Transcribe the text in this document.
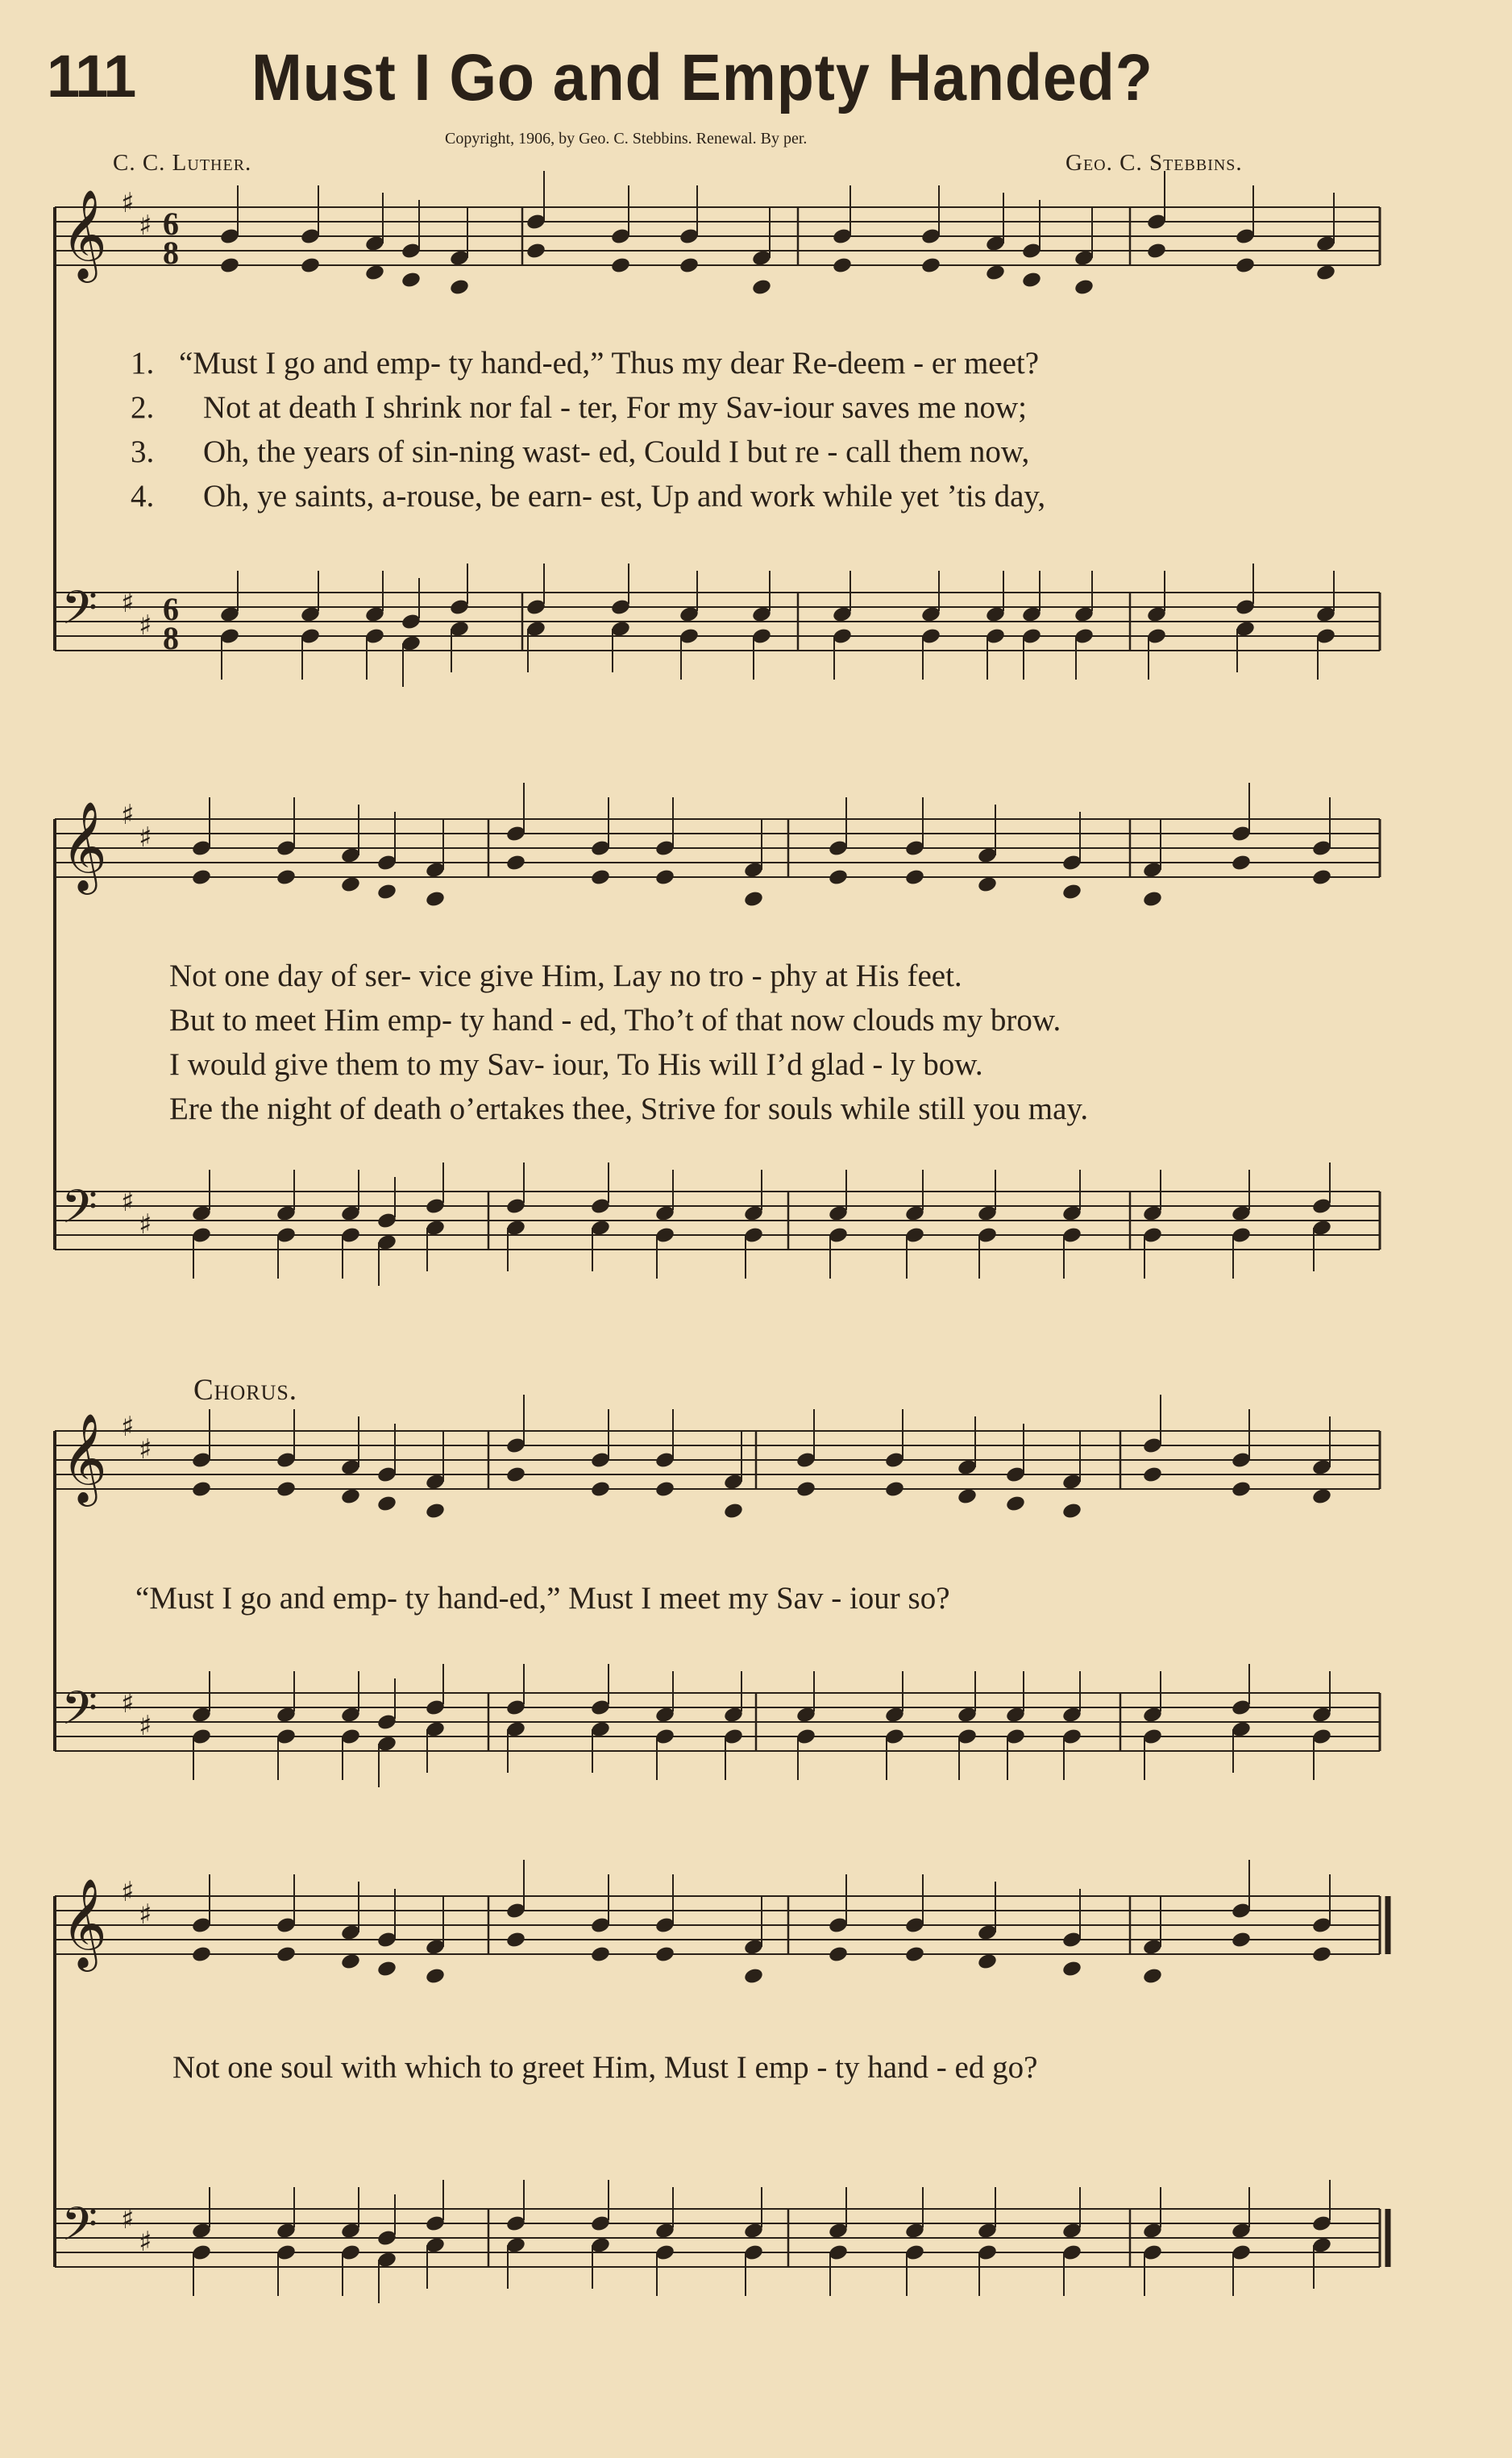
111 Must I Go and Empty Handed?
Copyright, 1906, by Geo. C. Stebbins. Renewal. By per.
C. C. Luther.	Geo. C. Stebbins.
1. “Must I go and emp- ty hand-ed,” Thus my dear Re-deem - er meet?
2. Not at death I shrink nor fal - ter, For my Sav-iour saves me now;
3. Oh, the years of sin-ning wast- ed, Could I but re - call them now,
4. Oh, ye saints, a-rouse, be earn- est, Up and work while yet ’tis day,
Not one day of ser- vice give Him, Lay no tro - phy at His feet.
But to meet Him emp- ty hand - ed, Tho’t of that now clouds my brow.
I would give them to my Sav- iour, To His will I’d glad - ly bow.
Ere the night of death o’ertakes thee, Strive for souls while still you may.
Chorus.
“Must I go and emp- ty hand-ed,” Must I meet my Sav - iour so?
Not one soul with which to greet Him, Must I emp - ty hand - ed go?
𝄞 ♯
♯ 6
8
𝄢 ♯
♯ 6
8
𝄞 ♯
♯
𝄢 ♯
♯
𝄞 ♯
♯
𝄢 ♯
♯
𝄞 ♯
♯
𝄢 ♯
♯
